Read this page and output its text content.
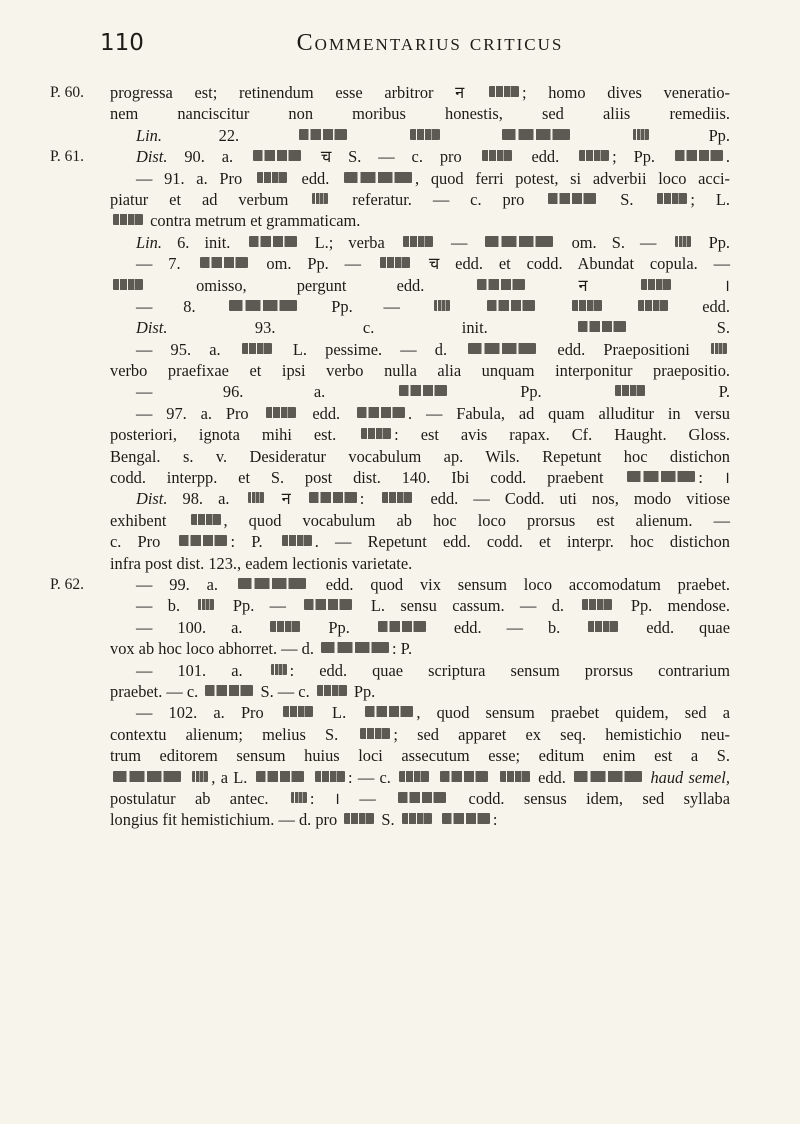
110	Commentarius criticus
P. 60. progressa est; retinendum esse arbitror न ; homo dives veneratio-
nem nanciscitur non moribus honestis, sed aliis remediis.
Lin. 22.	Pp.
P. 61.	Dist. 90. a.	च S. — c. pro  edd. ; Pp.	.
— 91. a. Pro  edd.	, quod ferri potest, si adverbii loco acci-
piatur et ad verbum  referatur. — c. pro	S. ; L.
contra metrum et grammaticam.
Lin. 6. init.	L.; verba  —	om. S. —  Pp.
— 7.	om. Pp. —  च edd. et codd. Abundat copula. —
omisso, pergunt edd.	न  ।
— 8.	Pp. —	edd.
Dist. 93. c. init.	S.
— 95. a.  L. pessime. — d.	edd. Praepositioni
verbo praefixae et ipsi verbo nulla alia unquam interponitur praepositio.
— 96. a.	Pp.  P.
— 97. a. Pro  edd.	. — Fabula, ad quam alluditur in versu
posteriori, ignota mihi est. : est avis rapax. Cf. Haught. Gloss.
Bengal. s. v. Desideratur vocabulum ap. Wils. Repetunt hoc distichon
codd. interpp. et S. post dist. 140. Ibi codd. praebent	: ।
Dist. 98. a.  न	:  edd. — Codd. uti nos, modo vitiose
exhibent , quod vocabulum ab hoc loco prorsus est alienum. —
c. Pro	: P. . — Repetunt edd. codd. et interpr. hoc distichon
infra post dist. 123., eadem lectionis varietate.
P. 62.	— 99. a.	edd. quod vix sensum loco accomodatum praebet.
— b.  Pp. —	L. sensu cassum. — d.  Pp. mendose.
— 100. a.  Pp.	edd. — b.  edd. quae
vox ab hoc loco abhorret. — d.	: P.
— 101. a. : edd. quae scriptura sensum prorsus contrarium
praebet. — c.	S. — c.  Pp.
— 102. a. Pro  L.	, quod sensum praebet quidem, sed a
contextu alienum; melius S. ; sed apparet ex seq. hemistichio neu-
trum editorem sensum huius loci assecutum esse; editum enim est a S.
, a L.	: — c.	edd.	haud semel,
postulatur ab antec. : । —	codd. sensus idem, sed syllaba
longius fit hemistichium. — d. pro  S.	:
